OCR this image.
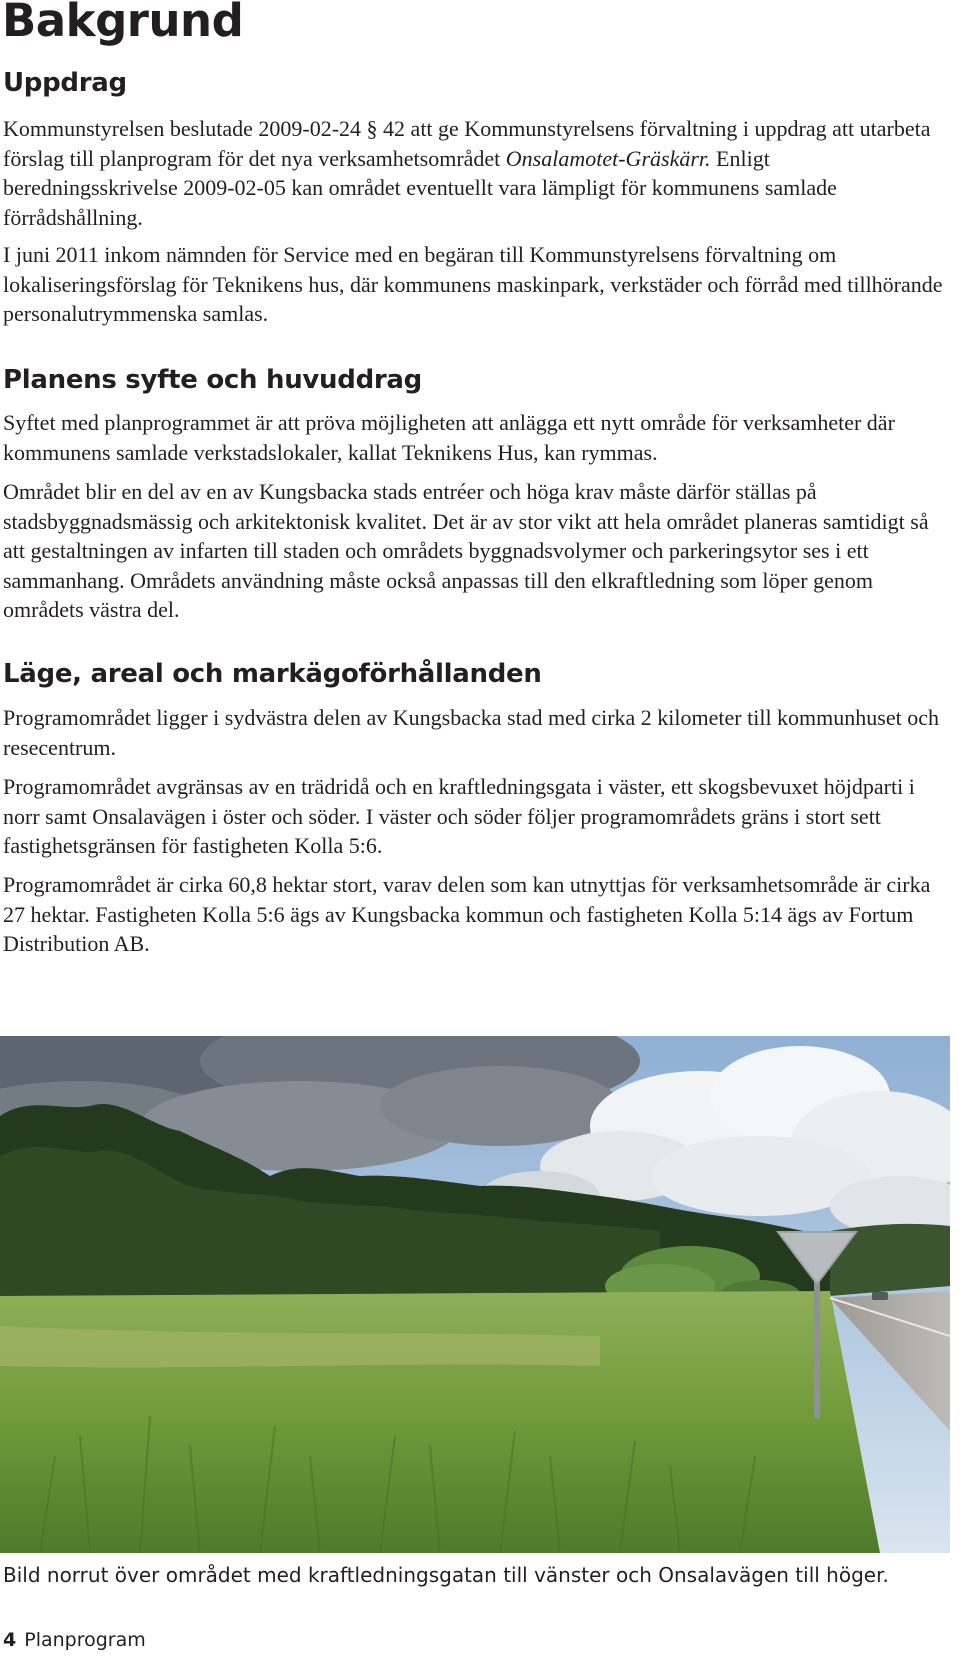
Bakgrund
Uppdrag

Kommunstyrelsen beslutade 2009-02-24 § 42 att ge Kommunstyrelsens förvaltning i uppdrag att utarbeta förslag till planprogram för det nya verksamhetsområdet Onsalamotet-Gräskärr. Enligt beredningsskrivelse 2009-02-05 kan området eventuellt vara lämpligt för kommunens samlade förrådshållning.

I juni 2011 inkom nämnden för Service med en begäran till Kommunstyrelsens förvaltning om lokaliseringsförslag för Teknikens hus, där kommunens maskinpark, verkstäder och förråd med tillhörande personalutrymmenska samlas.

Planens syfte och huvuddrag

Syftet med planprogrammet är att pröva möjligheten att anlägga ett nytt område för verksamheter där kommunens samlade verkstadslokaler, kallat Teknikens Hus, kan rymmas.

Området blir en del av en av Kungsbacka stads entréer och höga krav måste därför ställas på stadsbyggnadsmässig och arkitektonisk kvalitet. Det är av stor vikt att hela området planeras samtidigt så att gestaltningen av infarten till staden och områdets byggnadsvolymer och parkeringsytor ses i ett sammanhang. Områdets användning måste också anpassas till den elkraftledning som löper genom områdets västra del.

Läge, areal och markägoförhållanden

Programområdet ligger i sydvästra delen av Kungsbacka stad med cirka 2 kilometer till kommunhuset och resecentrum.

Programområdet avgränsas av en trädridå och en kraftledningsgata i väster, ett skogsbevuxet höjdparti i norr samt Onsalavägen i öster och söder. I väster och söder följer programområdets gräns i stort sett fastighetsgränsen för fastigheten Kolla 5:6.

Programområdet är cirka 60,8 hektar stort, varav delen som kan utnyttjas för verksamhetsområde är cirka 27 hektar. Fastigheten Kolla 5:6 ägs av Kungsbacka kommun och fastigheten Kolla 5:14 ägs av Fortum Distribution AB.

Bild norrut över området med kraftledningsgatan till vänster och Onsalavägen till höger.

4 Planprogram
